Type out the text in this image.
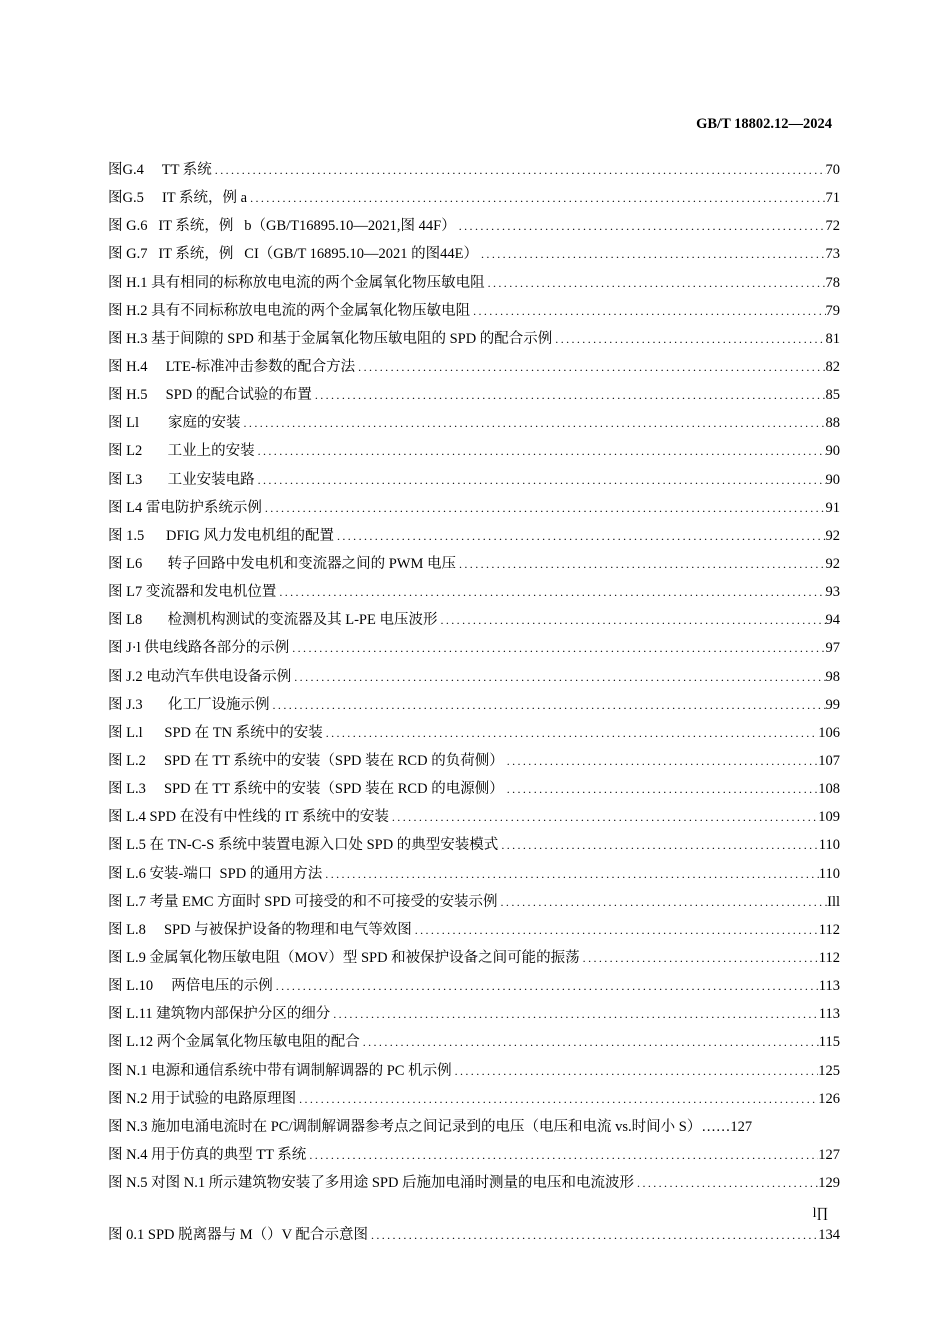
GB/T 18802.12—2024
图G.4     TT 系统 .....	70
图G.5     IT 系统，例 a .....	71
图 G.6   IT 系统，例   b（GB/T16895.10—2021,图 44F） .....	72
图 G.7   IT 系统，例   CI（GB/T 16895.10—2021 的图44E） .....	73
图 H.1 具有相同的标称放电电流的两个金属氧化物压敏电阻 .....	78
图 H.2 具有不同标称放电电流的两个金属氧化物压敏电阻 .....	79
图 H.3 基于间隙的 SPD 和基于金属氧化物压敏电阻的 SPD 的配合示例 .....	81
图 H.4     LTE-标准冲击参数的配合方法 .....	82
图 H.5     SPD 的配合试验的布置 .....	85
图 Ll        家庭的安装 .....	88
图 L2       工业上的安装 .....	90
图 L3       工业安装电路 .....	90
图 L4 雷电防护系统示例 .....	91
图 1.5      DFIG 风力发电机组的配置 .....	92
图 L6       转子回路中发电机和变流器之间的 PWM 电压 .....	92
图 L7 变流器和发电机位置 .....	93
图 L8       检测机构测试的变流器及其 L-PE 电压波形 .....	94
图 J·l 供电线路各部分的示例 .....	97
图 J.2 电动汽车供电设备示例 .....	98
图 J.3       化工厂设施示例 .....	99
图 L.l      SPD 在 TN 系统中的安装 .....	106
图 L.2     SPD 在 TT 系统中的安装（SPD 装在 RCD 的负荷侧） .....	107
图 L.3     SPD 在 TT 系统中的安装（SPD 装在 RCD 的电源侧） .....	108
图 L.4 SPD 在没有中性线的 IT 系统中的安装 .....	109
图 L.5 在 TN-C-S 系统中装置电源入口处 SPD 的典型安装模式 .....	110
图 L.6 安装-端口  SPD 的通用方法 .....	110
图 L.7 考量 EMC 方面时 SPD 可接受的和不可接受的安装示例 .....	Ill
图 L.8     SPD 与被保护设备的物理和电气等效图 .....	112
图 L.9 金属氧化物压敏电阻（MOV）型 SPD 和被保护设备之间可能的振荡 .....	112
图 L.10     两倍电压的示例 .....	113
图 L.11 建筑物内部保护分区的细分 .....	113
图 L.12 两个金属氧化物压敏电阻的配合 .....	115
图 N.1 电源和通信系统中带有调制解调器的 PC 机示例 .....	125
图 N.2 用于试验的电路原理图 .....	126
图 N.3 施加电涌电流时在 PC/调制解调器参考点之间记录到的电压（电压和电流 vs.时间小 S）……127
图 N.4 用于仿真的典型 TT 系统 .....	127
图 N.5 对图 N.1 所示建筑物安装了多用途 SPD 后施加电涌时测量的电压和电流波形 .....	129
图 0.1 SPD 脱离器与 M（）V 配合示意图 .....	134
l∏
